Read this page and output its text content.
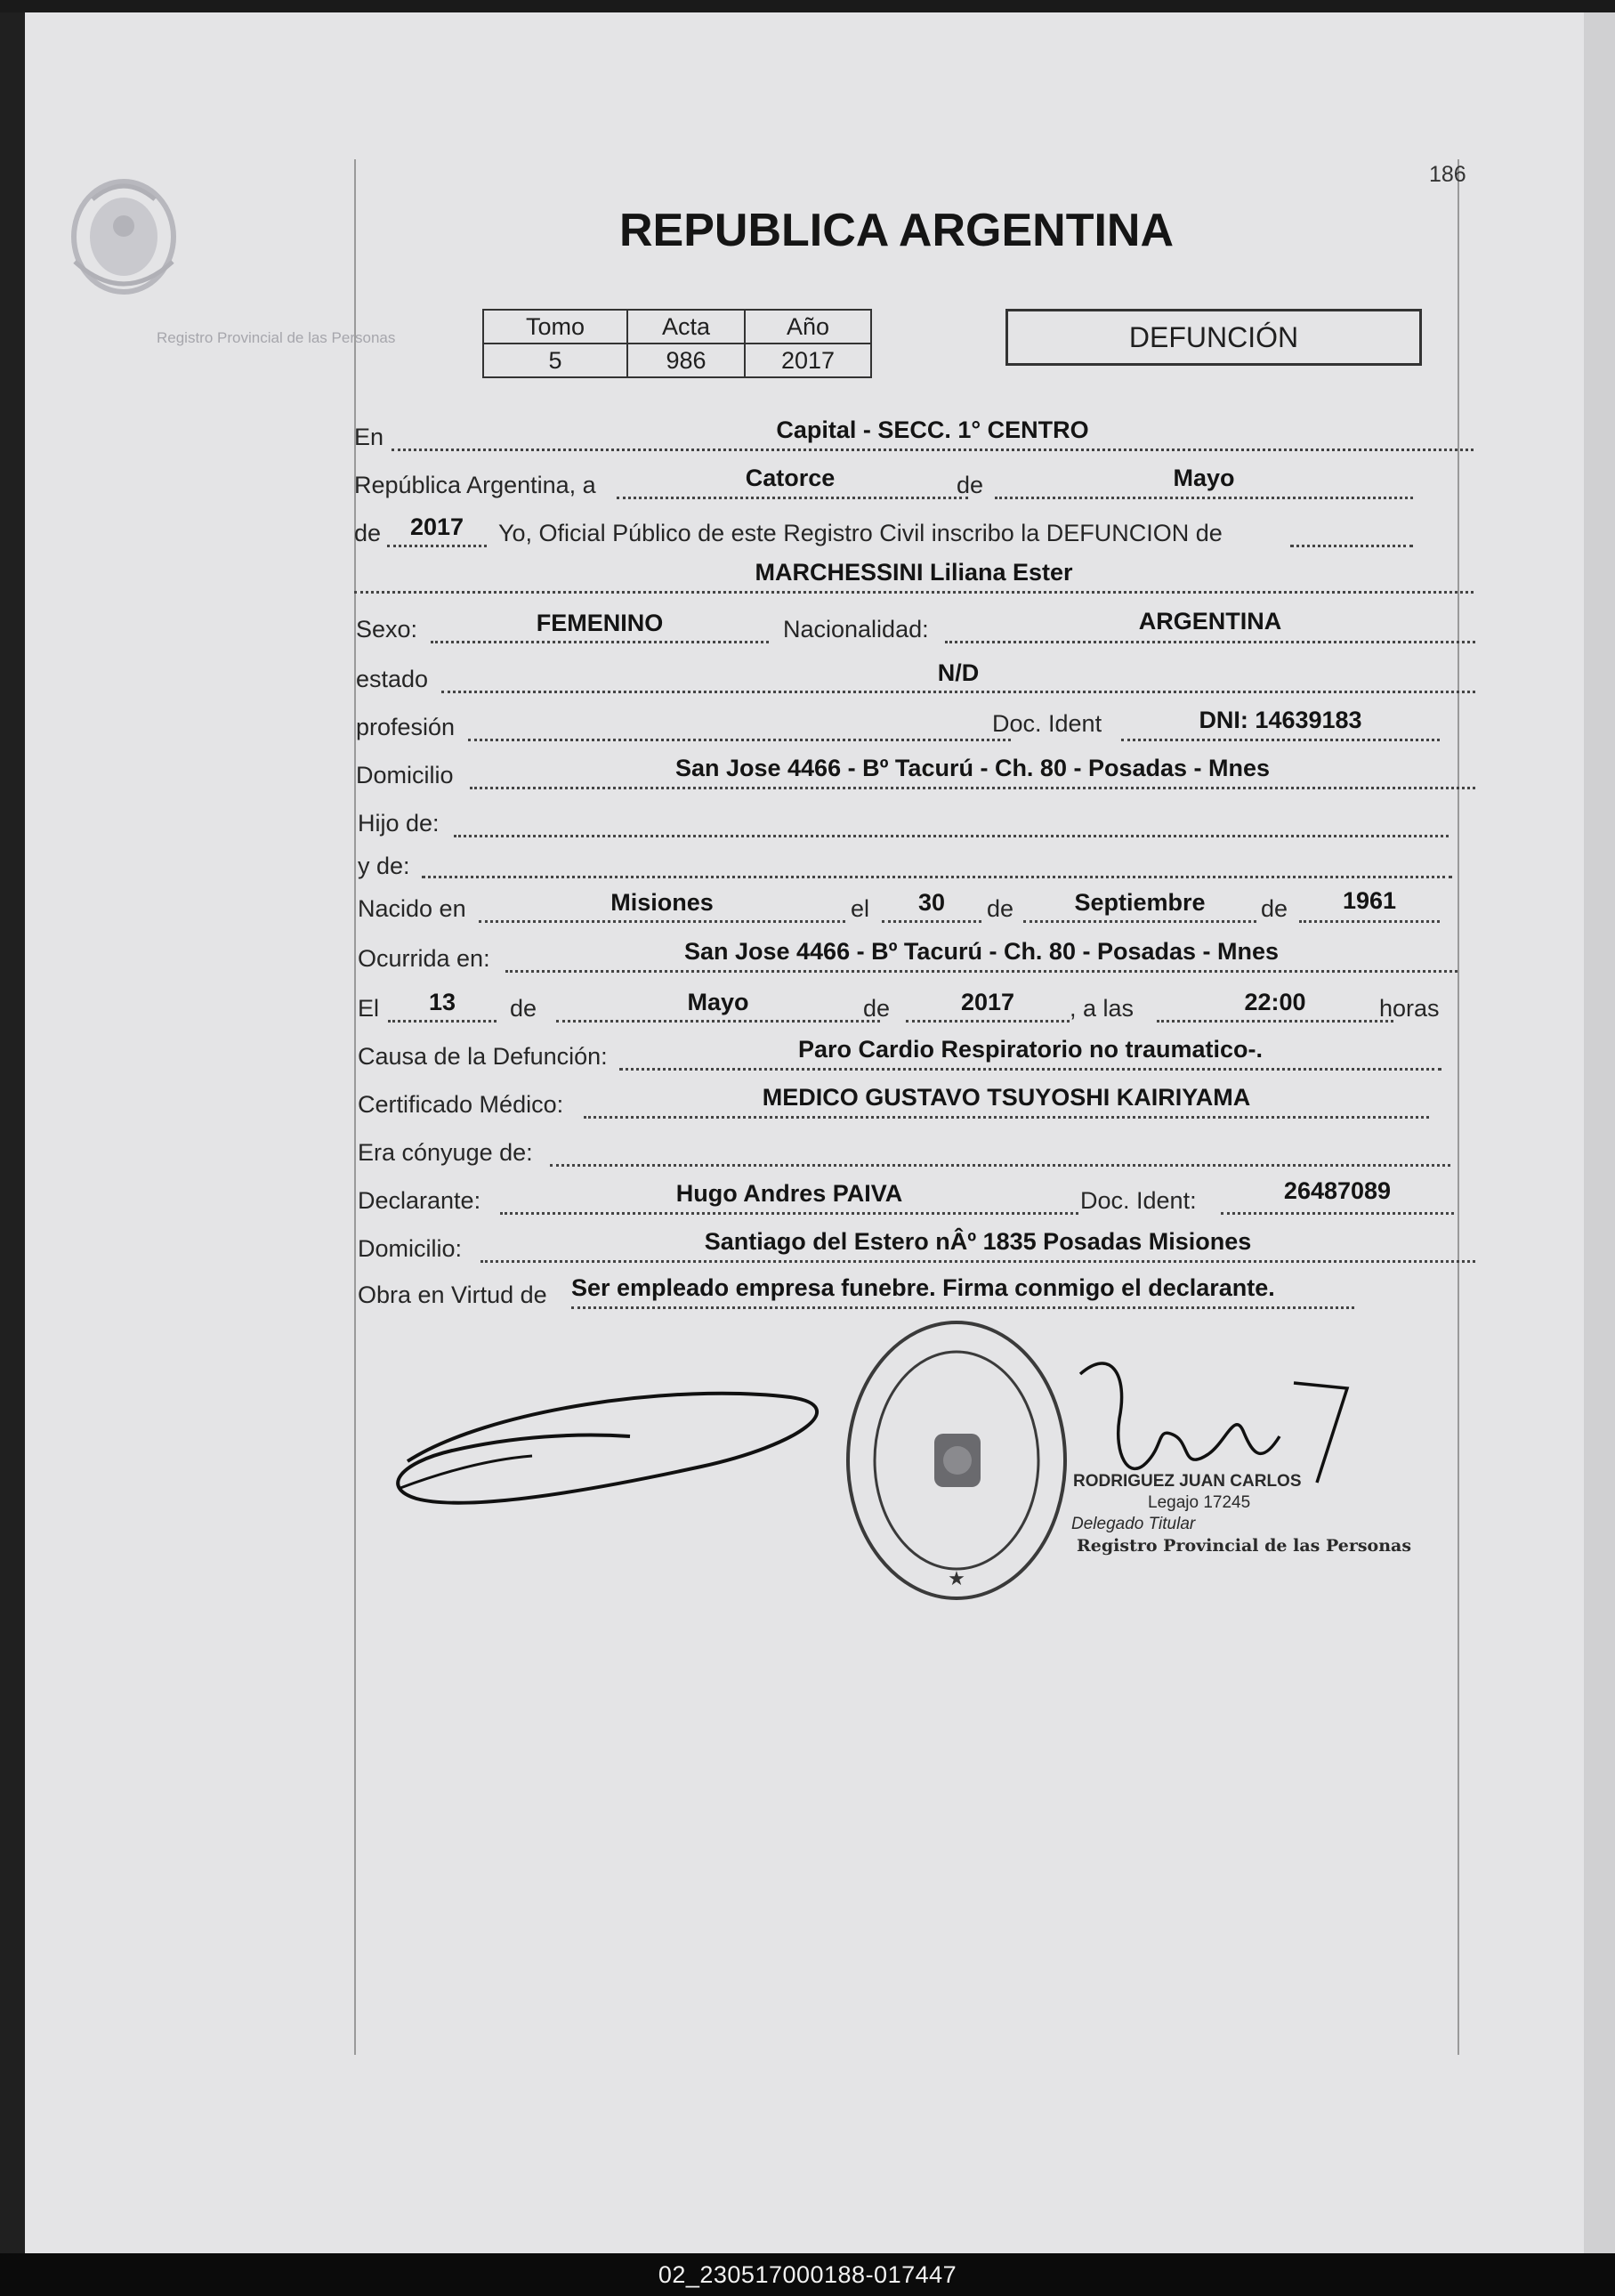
Registro Provincial de las Personas
186
REPUBLICA ARGENTINA
Tomo	Acta	Año
5	986	2017
DEFUNCIÓN
En	Capital - SECC. 1° CENTRO
República Argentina, a	Catorce	de	Mayo
de	2017	Yo, Oficial Público de este Registro Civil inscribo la DEFUNCION de
MARCHESSINI Liliana Ester
Sexo:	FEMENINO	Nacionalidad:	ARGENTINA
estado	N/D
profesión	Doc. Ident	DNI: 14639183
Domicilio	San Jose 4466 - Bº Tacurú - Ch. 80 - Posadas - Mnes
Hijo de:
y de:
Nacido en	Misiones	el	30	de	Septiembre	de	1961
Ocurrida en:	San Jose 4466 - Bº Tacurú - Ch. 80 - Posadas - Mnes
El	13	de	Mayo	de	2017	, a las	22:00	horas
Causa de la Defunción:	Paro Cardio Respiratorio no traumatico-.
Certificado Médico:	MEDICO GUSTAVO TSUYOSHI KAIRIYAMA
Era cónyuge de:
Declarante:	Hugo Andres PAIVA	Doc. Ident:	26487089
Domicilio:	Santiago del Estero nÂº 1835 Posadas Misiones
Obra en Virtud de Ser empleado empresa funebre. Firma conmigo el declarante.
★
RODRIGUEZ JUAN CARLOS
Legajo 17245
Delegado Titular
Registro Provincial de las Personas
02_230517000188-017447
